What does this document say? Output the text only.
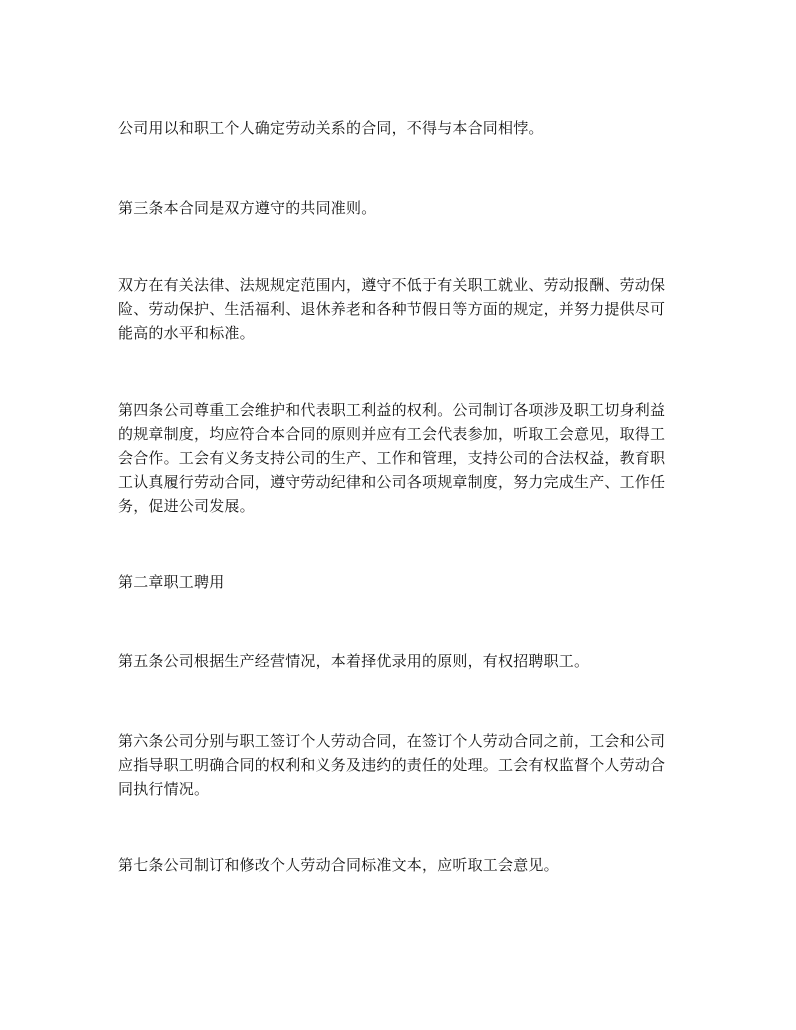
公司用以和职工个人确定劳动关系的合同，不得与本合同相悖。

第三条本合同是双方遵守的共同准则。

双方在有关法律、法规规定范围内，遵守不低于有关职工就业、劳动报酬、劳动保
险、劳动保护、生活福利、退休养老和各种节假日等方面的规定，并努力提供尽可
能高的水平和标准。

第四条公司尊重工会维护和代表职工利益的权利。公司制订各项涉及职工切身利益
的规章制度，均应符合本合同的原则并应有工会代表参加，听取工会意见，取得工
会合作。工会有义务支持公司的生产、工作和管理，支持公司的合法权益，教育职
工认真履行劳动合同，遵守劳动纪律和公司各项规章制度，努力完成生产、工作任
务，促进公司发展。

第二章职工聘用

第五条公司根据生产经营情况，本着择优录用的原则，有权招聘职工。

第六条公司分别与职工签订个人劳动合同，在签订个人劳动合同之前，工会和公司
应指导职工明确合同的权利和义务及违约的责任的处理。工会有权监督个人劳动合
同执行情况。

第七条公司制订和修改个人劳动合同标准文本，应听取工会意见。
